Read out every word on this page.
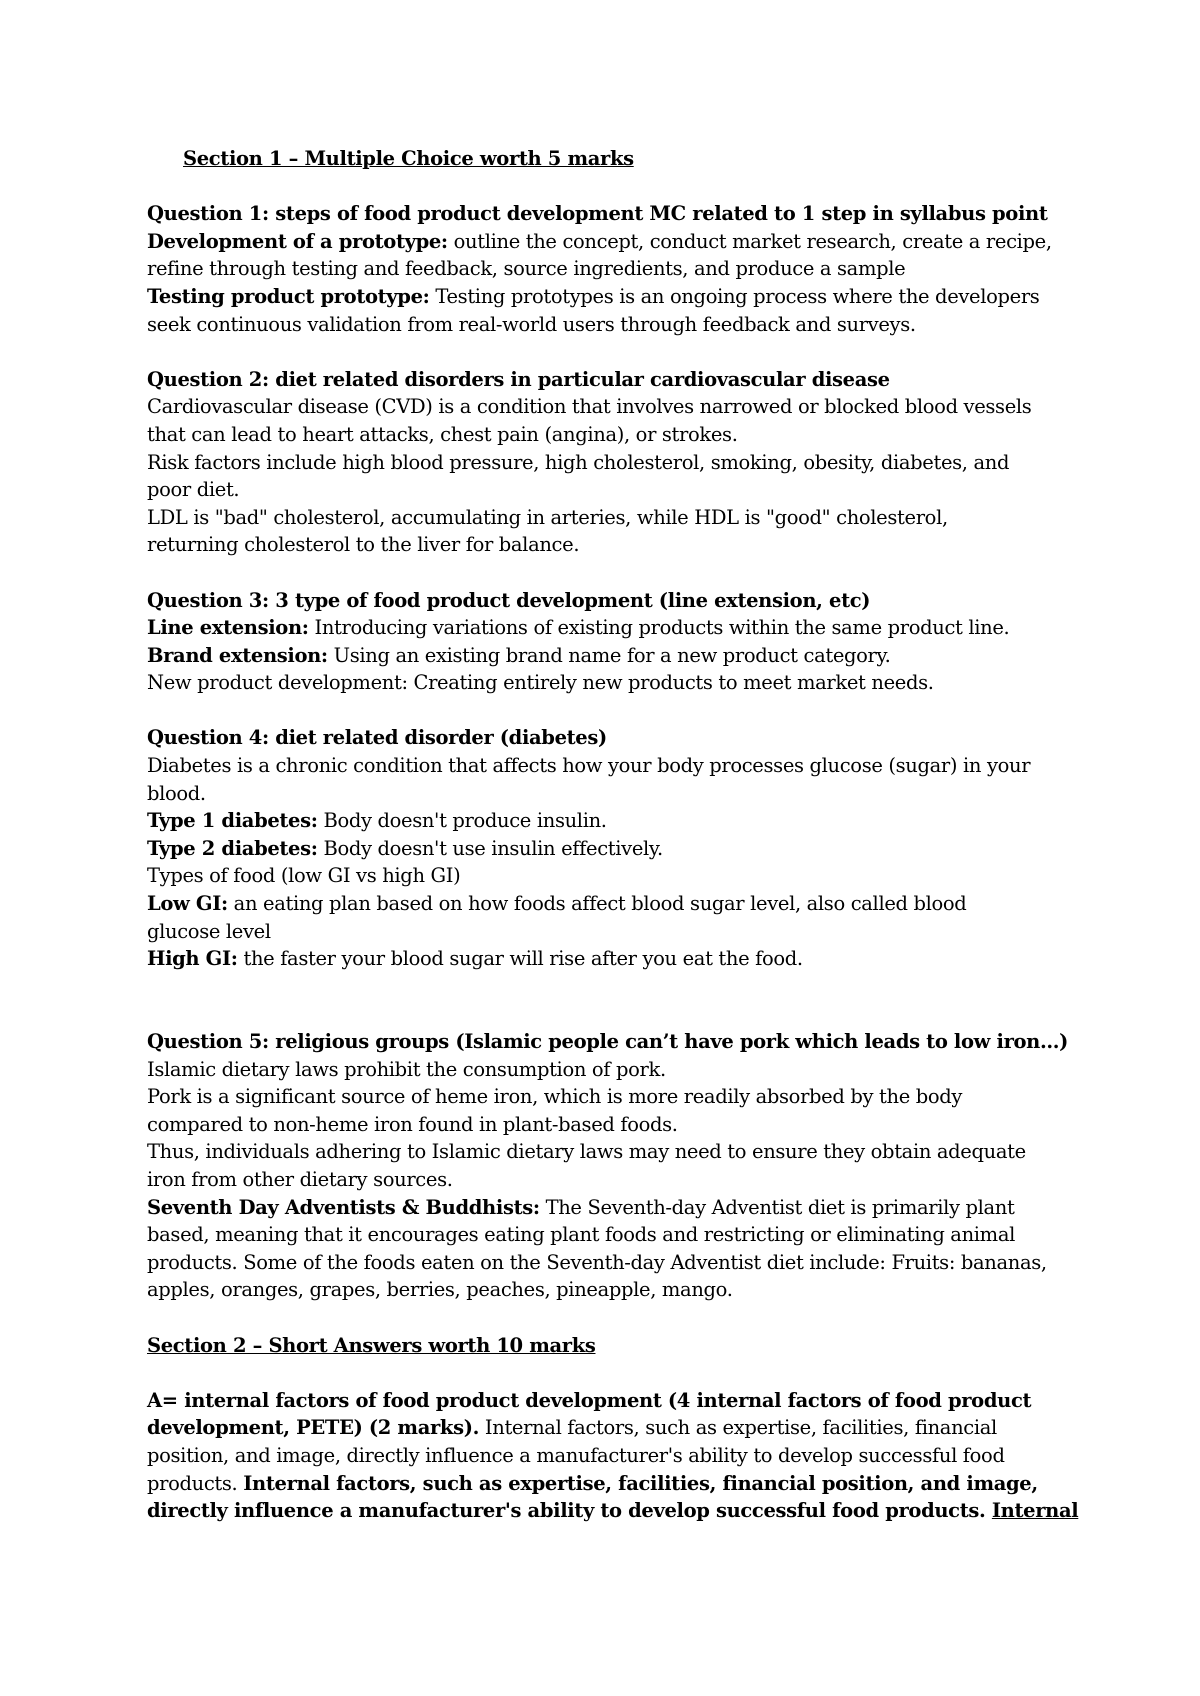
Section 1 – Multiple Choice worth 5 marks
Question 1: steps of food product development MC related to 1 step in syllabus point
Development of a prototype: outline the concept, conduct market research, create a recipe,
refine through testing and feedback, source ingredients, and produce a sample
Testing product prototype: Testing prototypes is an ongoing process where the developers
seek continuous validation from real-world users through feedback and surveys.
Question 2: diet related disorders in particular cardiovascular disease
Cardiovascular disease (CVD) is a condition that involves narrowed or blocked blood vessels
that can lead to heart attacks, chest pain (angina), or strokes.
Risk factors include high blood pressure, high cholesterol, smoking, obesity, diabetes, and
poor diet.
LDL is "bad" cholesterol, accumulating in arteries, while HDL is "good" cholesterol,
returning cholesterol to the liver for balance.
Question 3: 3 type of food product development (line extension, etc)
Line extension: Introducing variations of existing products within the same product line.
Brand extension: Using an existing brand name for a new product category.
New product development: Creating entirely new products to meet market needs.
Question 4: diet related disorder (diabetes)
Diabetes is a chronic condition that affects how your body processes glucose (sugar) in your
blood.
Type 1 diabetes: Body doesn't produce insulin.
Type 2 diabetes: Body doesn't use insulin effectively.
Types of food (low GI vs high GI)
Low GI: an eating plan based on how foods affect blood sugar level, also called blood
glucose level
High GI: the faster your blood sugar will rise after you eat the food.
Question 5: religious groups (Islamic people can’t have pork which leads to low iron…)
Islamic dietary laws prohibit the consumption of pork.
Pork is a significant source of heme iron, which is more readily absorbed by the body
compared to non-heme iron found in plant-based foods.
Thus, individuals adhering to Islamic dietary laws may need to ensure they obtain adequate
iron from other dietary sources.
Seventh Day Adventists & Buddhists: The Seventh-day Adventist diet is primarily plant
based, meaning that it encourages eating plant foods and restricting or eliminating animal
products. Some of the foods eaten on the Seventh-day Adventist diet include: Fruits: bananas,
apples, oranges, grapes, berries, peaches, pineapple, mango.
Section 2 – Short Answers worth 10 marks
A= internal factors of food product development (4 internal factors of food product
development, PETE) (2 marks). Internal factors, such as expertise, facilities, financial
position, and image, directly influence a manufacturer's ability to develop successful food
products. Internal factors, such as expertise, facilities, financial position, and image,
directly influence a manufacturer's ability to develop successful food products. Internal
